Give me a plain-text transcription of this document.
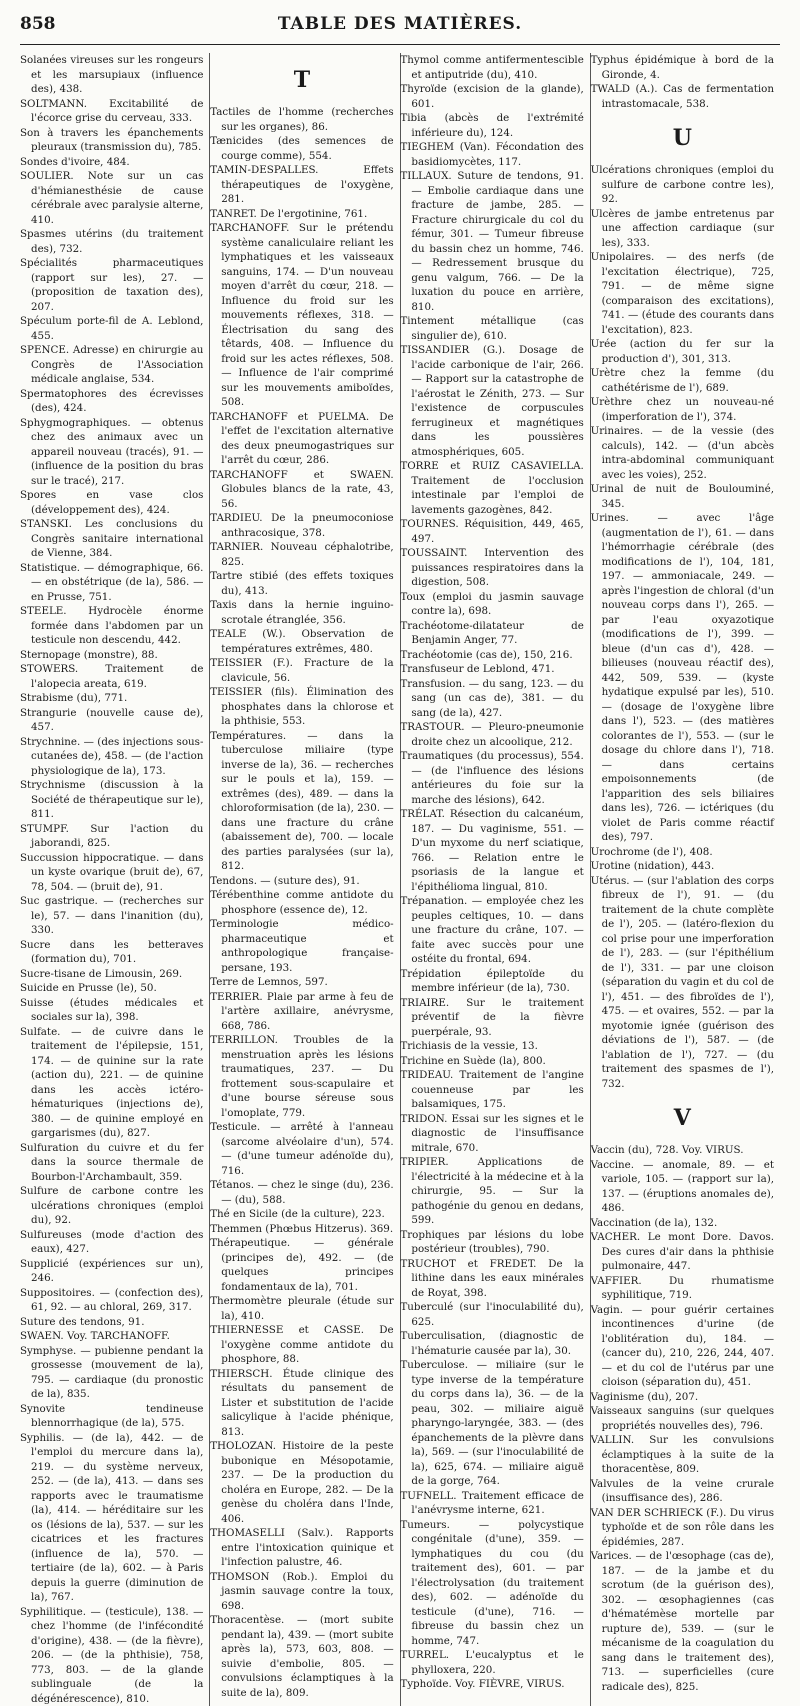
858	TABLE DES MATIÈRES.

Solanées vireuses sur les rongeurs et les marsupiaux (influence des), 438.

SOLTMANN. Excitabilité de l'écorce grise du cerveau, 333.

Son à travers les épanchements pleuraux (transmission du), 785.

Sondes d'ivoire, 484.

SOULIER. Note sur un cas d'hémianesthésie de cause cérébrale avec paralysie alterne, 410.

Spasmes utérins (du traitement des), 732.

Spécialités pharmaceutiques (rapport sur les), 27. — (proposition de taxation des), 207.

Spéculum porte-fil de A. Leblond, 455.

SPENCE. Adresse) en chirurgie au Congrès de l'Association médicale anglaise, 534.

Spermatophores des écrevisses (des), 424.

Sphygmographiques. — obtenus chez des animaux avec un appareil nouveau (tracés), 91. — (influence de la position du bras sur le tracé), 217.

Spores en vase clos (développement des), 424.

STANSKI. Les conclusions du Congrès sanitaire international de Vienne, 384.

Statistique. — démographique, 66. — en obstétrique (de la), 586. — en Prusse, 751.

STEELE. Hydrocèle énorme formée dans l'abdomen par un testicule non descendu, 442.

Sternopage (monstre), 88.

STOWERS. Traitement de l'alopecia areata, 619.

Strabisme (du), 771.

Strangurie (nouvelle cause de), 457.

Strychnine. — (des injections sous-cutanées de), 458. — (de l'action physiologique de la), 173.

Strychnisme (discussion à la Société de thérapeutique sur le), 811.

STUMPF. Sur l'action du jaborandi, 825.

Succussion hippocratique. — dans un kyste ovarique (bruit de), 67, 78, 504. — (bruit de), 91.

Suc gastrique. — (recherches sur le), 57. — dans l'inanition (du), 330.

Sucre dans les betteraves (formation du), 701.

Sucre-tisane de Limousin, 269.

Suicide en Prusse (le), 50.

Suisse (études médicales et sociales sur la), 398.

Sulfate. — de cuivre dans le traitement de l'épilepsie, 151, 174. — de quinine sur la rate (action du), 221. — de quinine dans les accès ictéro-hématuriques (injections de), 380. — de quinine employé en gargarismes (du), 827.

Sulfuration du cuivre et du fer dans la source thermale de Bourbon-l'Archambault, 359.

Sulfure de carbone contre les ulcérations chroniques (emploi du), 92.

Sulfureuses (mode d'action des eaux), 427.

Supplicié (expériences sur un), 246.

Suppositoires. — (confection des), 61, 92. — au chloral, 269, 317.

Suture des tendons, 91.

SWAEN. Voy. TARCHANOFF.

Symphyse. — pubienne pendant la grossesse (mouvement de la), 795. — cardiaque (du pronostic de la), 835.

Synovite tendineuse blennorrhagique (de la), 575.

Syphilis. — (de la), 442. — de l'emploi du mercure dans la), 219. — du système nerveux, 252. — (de la), 413. — dans ses rapports avec le traumatisme (la), 414. — héréditaire sur les os (lésions de la), 537. — sur les cicatrices et les fractures (influence de la), 570. — tertiaire (de la), 602. — à Paris depuis la guerre (diminution de la), 767.

Syphilitique. — (testicule), 138. — chez l'homme (de l'infécondité d'origine), 438. — (de la fièvre), 206. — (de la phthisie), 758, 773, 803. — de la glande sublinguale (de la dégénérescence), 810.

T

Tactiles de l'homme (recherches sur les organes), 86.

Tænicides (des semences de courge comme), 554.

TAMIN-DESPALLES. Effets thérapeutiques de l'oxygène, 281.

TANRET. De l'ergotinine, 761.

TARCHANOFF. Sur le prétendu système canaliculaire reliant les lymphatiques et les vaisseaux sanguins, 174. — D'un nouveau moyen d'arrêt du cœur, 218. — Influence du froid sur les mouvements réflexes, 318. — Électrisation du sang des têtards, 408. — Influence du froid sur les actes réflexes, 508. — Influence de l'air comprimé sur les mouvements amiboïdes, 508.

TARCHANOFF et PUELMA. De l'effet de l'excitation alternative des deux pneumogastriques sur l'arrêt du cœur, 286.

TARCHANOFF et SWAEN. Globules blancs de la rate, 43, 56.

TARDIEU. De la pneumoconiose anthracosique, 378.

TARNIER. Nouveau céphalotribe, 825.

Tartre stibié (des effets toxiques du), 413.

Taxis dans la hernie inguino-scrotale étranglée, 356.

TEALE (W.). Observation de températures extrêmes, 480.

TEISSIER (F.). Fracture de la clavicule, 56.

TEISSIER (fils). Élimination des phosphates dans la chlorose et la phthisie, 553.

Températures. — dans la tuberculose miliaire (type inverse de la), 36. — recherches sur le pouls et la), 159. — extrêmes (des), 489. — dans la chloroformisation (de la), 230. — dans une fracture du crâne (abaissement de), 700. — locale des parties paralysées (sur la), 812.

Tendons. — (suture des), 91.

Térébenthine comme antidote du phosphore (essence de), 12.

Terminologie médico-pharmaceutique et anthropologique française-persane, 193.

Terre de Lemnos, 597.

TERRIER. Plaie par arme à feu de l'artère axillaire, anévrysme, 668, 786.

TERRILLON. Troubles de la menstruation après les lésions traumatiques, 237. — Du frottement sous-scapulaire et d'une bourse séreuse sous l'omoplate, 779.

Testicule. — arrêté à l'anneau (sarcome alvéolaire d'un), 574. — (d'une tumeur adénoïde du), 716.

Tétanos. — chez le singe (du), 236. — (du), 588.

Thé en Sicile (de la culture), 223.

Themmen (Phœbus Hitzerus). 369.

Thérapeutique. — générale (principes de), 492. — (de quelques principes fondamentaux de la), 701.

Thermomètre pleurale (étude sur la), 410.

THIERNESSE et CASSE. De l'oxygène comme antidote du phosphore, 88.

THIERSCH. Étude clinique des résultats du pansement de Lister et substitution de l'acide salicylique à l'acide phénique, 813.

THOLOZAN. Histoire de la peste bubonique en Mésopotamie, 237. — De la production du choléra en Europe, 282. — De la genèse du choléra dans l'Inde, 406.

THOMASELLI (Salv.). Rapports entre l'intoxication quinique et l'infection palustre, 46.

THOMSON (Rob.). Emploi du jasmin sauvage contre la toux, 698.

Thoracentèse. — (mort subite pendant la), 439. — (mort subite après la), 573, 603, 808. — suivie d'embolie, 805. — convulsions éclamptiques à la suite de la), 809.

Thymol comme antifermentescible et antiputride (du), 410.

Thyroïde (excision de la glande), 601.

Tibia (abcès de l'extrémité inférieure du), 124.

TIEGHEM (Van). Fécondation des basidiomycètes, 117.

TILLAUX. Suture de tendons, 91. — Embolie cardiaque dans une fracture de jambe, 285. — Fracture chirurgicale du col du fémur, 301. — Tumeur fibreuse du bassin chez un homme, 746. — Redressement brusque du genu valgum, 766. — De la luxation du pouce en arrière, 810.

Tintement métallique (cas singulier de), 610.

TISSANDIER (G.). Dosage de l'acide carbonique de l'air, 266. — Rapport sur la catastrophe de l'aérostat le Zénith, 273. — Sur l'existence de corpuscules ferrugineux et magnétiques dans les poussières atmosphériques, 605.

TORRE et RUIZ CASAVIELLA. Traitement de l'occlusion intestinale par l'emploi de lavements gazogènes, 842.

TOURNES. Réquisition, 449, 465, 497.

TOUSSAINT. Intervention des puissances respiratoires dans la digestion, 508.

Toux (emploi du jasmin sauvage contre la), 698.

Trachéotome-dilatateur de Benjamin Anger, 77.

Trachéotomie (cas de), 150, 216.

Transfuseur de Leblond, 471.

Transfusion. — du sang, 123. — du sang (un cas de), 381. — du sang (de la), 427.

TRASTOUR. — Pleuro-pneumonie droite chez un alcoolique, 212.

Traumatiques (du processus), 554. — (de l'influence des lésions antérieures du foie sur la marche des lésions), 642.

TRÉLAT. Résection du calcanéum, 187. — Du vaginisme, 551. — D'un myxome du nerf sciatique, 766. — Relation entre le psoriasis de la langue et l'épithélioma lingual, 810.

Trépanation. — employée chez les peuples celtiques, 10. — dans une fracture du crâne, 107. — faite avec succès pour une ostéite du frontal, 694.

Trépidation épileptoïde du membre inférieur (de la), 730.

TRIAIRE. Sur le traitement préventif de la fièvre puerpérale, 93.

Trichiasis de la vessie, 13.

Trichine en Suède (la), 800.

TRIDEAU. Traitement de l'angine couenneuse par les balsamiques, 175.

TRIDON. Essai sur les signes et le diagnostic de l'insuffisance mitrale, 670.

TRIPIER. Applications de l'électricité à la médecine et à la chirurgie, 95. — Sur la pathogénie du genou en dedans, 599.

Trophiques par lésions du lobe postérieur (troubles), 790.

TRUCHOT et FREDET. De la lithine dans les eaux minérales de Royat, 398.

Tuberculé (sur l'inoculabilité du), 625.

Tuberculisation, (diagnostic de l'hématurie causée par la), 30.

Tuberculose. — miliaire (sur le type inverse de la température du corps dans la), 36. — de la peau, 302. — miliaire aiguë pharyngo-laryngée, 383. — (des épanchements de la plèvre dans la), 569. — (sur l'inoculabilité de la), 625, 674. — miliaire aiguë de la gorge, 764.

TUFNELL. Traitement efficace de l'anévrysme interne, 621.

Tumeurs. — polycystique congénitale (d'une), 359. — lymphatiques du cou (du traitement des), 601. — par l'électrolysation (du traitement des), 602. — adénoïde du testicule (d'une), 716. — fibreuse du bassin chez un homme, 747.

TURREL. L'eucalyptus et le phylloxera, 220.

Typhoïde. Voy. FIÈVRE, VIRUS.

Typhus épidémique à bord de la Gironde, 4.

TWALD (A.). Cas de fermentation intrastomacale, 538.

U

Ulcérations chroniques (emploi du sulfure de carbone contre les), 92.

Ulcères de jambe entretenus par une affection cardiaque (sur les), 333.

Unipolaires. — des nerfs (de l'excitation électrique), 725, 791. — de même signe (comparaison des excitations), 741. — (étude des courants dans l'excitation), 823.

Urée (action du fer sur la production d'), 301, 313.

Urètre chez la femme (du cathétérisme de l'), 689.

Urèthre chez un nouveau-né (imperforation de l'), 374.

Urinaires. — de la vessie (des calculs), 142. — (d'un abcès intra-abdominal communiquant avec les voies), 252.

Urinal de nuit de Boulouminé, 345.

Urines. — avec l'âge (augmentation de l'), 61. — dans l'hémorrhagie cérébrale (des modifications de l'), 104, 181, 197. — ammoniacale, 249. — après l'ingestion de chloral (d'un nouveau corps dans l'), 265. — par l'eau oxyazotique (modifications de l'), 399. — bleue (d'un cas d'), 428. — bilieuses (nouveau réactif des), 442, 509, 539. — (kyste hydatique expulsé par les), 510. — (dosage de l'oxygène libre dans l'), 523. — (des matières colorantes de l'), 553. — (sur le dosage du chlore dans l'), 718. — dans certains empoisonnements (de l'apparition des sels biliaires dans les), 726. — ictériques (du violet de Paris comme réactif des), 797.

Urochrome (de l'), 408.

Urotine (nidation), 443.

Utérus. — (sur l'ablation des corps fibreux de l'), 91. — (du traitement de la chute complète de l'), 205. — (latéro-flexion du col prise pour une imperforation de l'), 283. — (sur l'épithélium de l'), 331. — par une cloison (séparation du vagin et du col de l'), 451. — des fibroïdes de l'), 475. — et ovaires, 552. — par la myotomie ignée (guérison des déviations de l'), 587. — (de l'ablation de l'), 727. — (du traitement des spasmes de l'), 732.

V

Vaccin (du), 728. Voy. VIRUS.

Vaccine. — anomale, 89. — et variole, 105. — (rapport sur la), 137. — (éruptions anomales de), 486.

Vaccination (de la), 132.

VACHER. Le mont Dore. Davos. Des cures d'air dans la phthisie pulmonaire, 447.

VAFFIER. Du rhumatisme syphilitique, 719.

Vagin. — pour guérir certaines incontinences d'urine (de l'oblitération du), 184. — (cancer du), 210, 226, 244, 407. — et du col de l'utérus par une cloison (séparation du), 451.

Vaginisme (du), 207.

Vaisseaux sanguins (sur quelques propriétés nouvelles des), 796.

VALLIN. Sur les convulsions éclamptiques à la suite de la thoracentèse, 809.

Valvules de la veine crurale (insuffisance des), 286.

VAN DER SCHRIECK (F.). Du virus typhoïde et de son rôle dans les épidémies, 287.

Varices. — de l'œsophage (cas de), 187. — de la jambe et du scrotum (de la guérison des), 302. — œsophagiennes (cas d'hématémèse mortelle par rupture de), 539. — (sur le mécanisme de la coagulation du sang dans le traitement des), 713. — superficielles (cure radicale des), 825.
